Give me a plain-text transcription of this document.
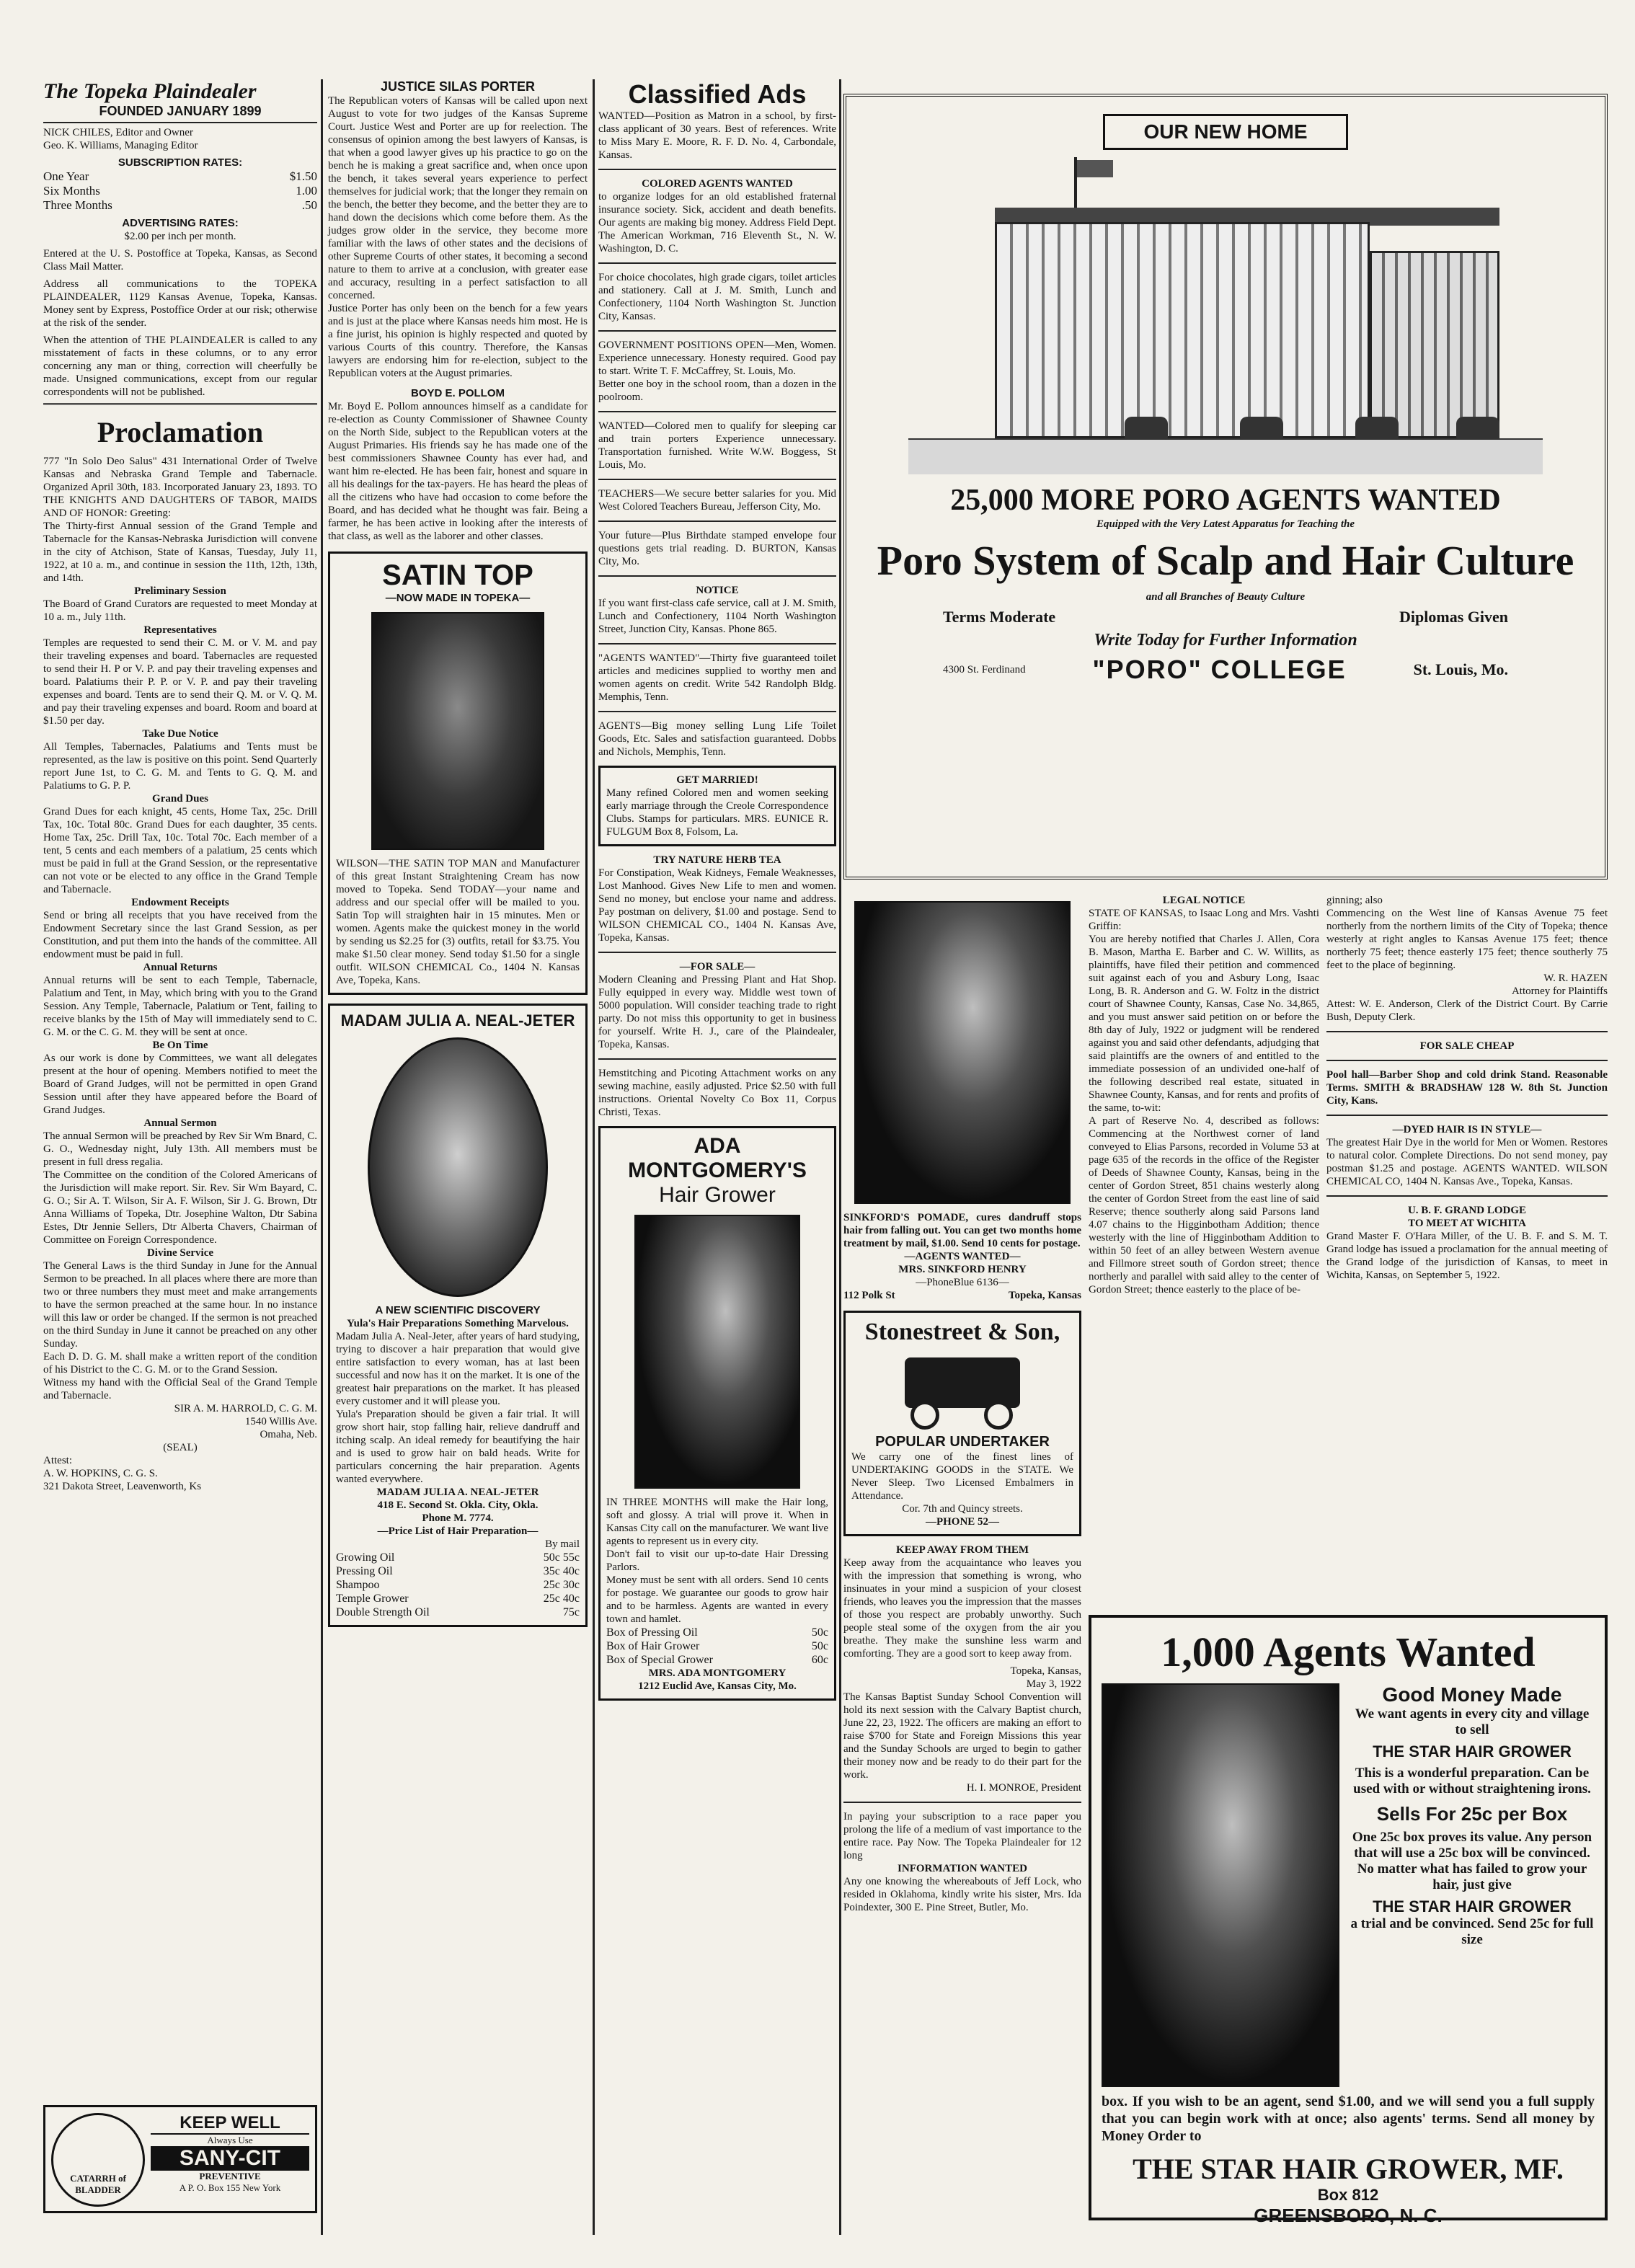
The Topeka Plaindealer
FOUNDED JANUARY 1899
NICK CHILES, Editor and Owner
Geo. K. Williams, Managing Editor
SUBSCRIPTION RATES:
One Year	$1.50
Six Months	1.00
Three Months	.50
ADVERTISING RATES:
$2.00 per inch per month.
Entered at the U. S. Postoffice at Topeka, Kansas, as Second Class Mail Matter.
Address all communications to the TOPEKA PLAINDEALER, 1129 Kansas Avenue, Topeka, Kansas. Money sent by Express, Postoffice Order at our risk; otherwise at the risk of the sender.
When the attention of THE PLAINDEALER is called to any misstatement of facts in these columns, or to any error concerning any man or thing, correction will cheerfully be made. Unsigned communications, except from our regular correspondents will not be published.
Proclamation

777 "In Solo Deo Salus" 431 International Order of Twelve Kansas and Nebraska Grand Temple and Tabernacle. Organized April 30th, 183. Incorporated January 23, 1893. TO THE KNIGHTS AND DAUGHTERS OF TABOR, MAIDS AND OF HONOR: Greeting:

The Thirty-first Annual session of the Grand Temple and Tabernacle for the Kansas-Nebraska Jurisdiction will convene in the city of Atchison, State of Kansas, Tuesday, July 11, 1922, at 10 a. m., and continue in session the 11th, 12th, 13th, and 14th.

Preliminary Session

The Board of Grand Curators are requested to meet Monday at 10 a. m., July 11th.

Representatives

Temples are requested to send their C. M. or V. M. and pay their traveling expenses and board. Tabernacles are requested to send their H. P or V. P. and pay their traveling expenses and board. Palatiums their P. P. or V. P. and pay their traveling expenses and board. Tents are to send their Q. M. or V. Q. M. and pay their traveling expenses and board. Room and board at $1.50 per day.

Take Due Notice

All Temples, Tabernacles, Palatiums and Tents must be represented, as the law is positive on this point. Send Quarterly report June 1st, to C. G. M. and Tents to G. Q. M. and Palatiums to G. P. P.

Grand Dues

Grand Dues for each knight, 45 cents, Home Tax, 25c. Drill Tax, 10c. Total 80c. Grand Dues for each daughter, 35 cents. Home Tax, 25c. Drill Tax, 10c. Total 70c. Each member of a tent, 5 cents and each members of a palatium, 25 cents which must be paid in full at the Grand Session, or the representative can not vote or be elected to any office in the Grand Temple and Tabernacle.

Endowment Receipts

Send or bring all receipts that you have received from the Endowment Secretary since the last Grand Session, as per Constitution, and put them into the hands of the committee. All endowment must be paid in full.

Annual Returns

Annual returns will be sent to each Temple, Tabernacle, Palatium and Tent, in May, which bring with you to the Grand Session. Any Temple, Tabernacle, Palatium or Tent, failing to receive blanks by the 15th of May will immediately send to C. G. M. or the C. G. M. they will be sent at once.

Be On Time

As our work is done by Committees, we want all delegates present at the hour of opening. Members notified to meet the Board of Grand Judges, will not be permitted in open Grand Session until after they have appeared before the Board of Grand Judges.

Annual Sermon

The annual Sermon will be preached by Rev Sir Wm Bnard, C. G. O., Wednesday night, July 13th. All members must be present in full dress regalia.

The Committee on the condition of the Colored Americans of the Jurisdiction will make report. Sir. Rev. Sir Wm Bayard, C. G. O.; Sir A. T. Wilson, Sir A. F. Wilson, Sir J. G. Brown, Dtr Anna Williams of Topeka, Dtr. Josephine Walton, Dtr Sabina Estes, Dtr Jennie Sellers, Dtr Alberta Chavers, Chairman of Committee on Foreign Correspondence.

Divine Service

The General Laws is the third Sunday in June for the Annual Sermon to be preached. In all places where there are more than two or three numbers they must meet and make arrangements to have the sermon preached at the same hour. In no instance will this law or order be changed. If the sermon is not preached on the third Sunday in June it cannot be preached on any other Sunday.

Each D. D. G. M. shall make a written report of the condition of his District to the C. G. M. or to the Grand Session.

Witness my hand with the Official Seal of the Grand Temple and Tabernacle.

SIR A. M. HARROLD, C. G. M.
1540 Willis Ave.
Omaha, Neb.
(SEAL)
Attest:
A. W. HOPKINS, C. G. S.
321 Dakota Street, Leavenworth, Ks
CATARRH of BLADDER
KEEP WELL
Always Use
SANY-CIT
PREVENTIVE
A P. O. Box 155 New York
JUSTICE SILAS PORTER

The Republican voters of Kansas will be called upon next August to vote for two judges of the Kansas Supreme Court. Justice West and Porter are up for reelection. The consensus of opinion among the best lawyers of Kansas, is that when a good lawyer gives up his practice to go on the bench he is making a great sacrifice and, when once upon the bench, it takes several years experience to perfect themselves for judicial work; that the longer they remain on the bench, the better they become, and the better they are to hand down the decisions which come before them. As the judges grow older in the service, they become more familiar with the laws of other states and the decisions of other Supreme Courts of other states, it becoming a second nature to them to arrive at a conclusion, with greater ease and accuracy, resulting in a perfect satisfaction to all concerned.

Justice Porter has only been on the bench for a few years and is just at the place where Kansas needs him most. He is a fine jurist, his opinion is highly respected and quoted by various Courts of this country. Therefore, the Kansas lawyers are endorsing him for re-election, subject to the Republican voters at the August primaries.

BOYD E. POLLOM

Mr. Boyd E. Pollom announces himself as a candidate for re-election as County Commissioner of Shawnee County on the North Side, subject to the Republican voters at the August Primaries. His friends say he has made one of the best commissioners Shawnee County has ever had, and want him re-elected. He has been fair, honest and square in all his dealings for the tax-payers. He has heard the pleas of all the citizens who have had occasion to come before the Board, and has decided what he thought was fair. Being a farmer, he has been active in looking after the interests of that class, as well as the laborer and other classes.

SATIN TOP
—NOW MADE IN TOPEKA—

WILSON—THE SATIN TOP MAN and Manufacturer of this great Instant Straightening Cream has now moved to Topeka. Send TODAY—your name and address and our special offer will be mailed to you. Satin Top will straighten hair in 15 minutes. Men or women. Agents make the quickest money in the world by sending us $2.25 for (3) outfits, retail for $3.75. You make $1.50 clear money. Send today $1.50 for a single outfit. WILSON CHEMICAL Co., 1404 N. Kansas Ave, Topeka, Kans.

MADAM JULIA A. NEAL-JETER
A NEW SCIENTIFIC DISCOVERY
Yula's Hair Preparations Something Marvelous.

Madam Julia A. Neal-Jeter, after years of hard studying, trying to discover a hair preparation that would give entire satisfaction to every woman, has at last been successful and now has it on the market. It is one of the greatest hair preparations on the market. It has pleased every customer and it will please you.

Yula's Preparation should be given a fair trial. It will grow short hair, stop falling hair, relieve dandruff and itching scalp. An ideal remedy for beautifying the hair and is used to grow hair on bald heads. Write for particulars concerning the hair preparation. Agents wanted everywhere.

MADAM JULIA A. NEAL-JETER
418 E. Second St. Okla. City, Okla.
Phone M. 7774.
—Price List of Hair Preparation—
By mail
Growing Oil	50c 55c
Pressing Oil	35c 40c
Shampoo	25c 30c
Temple Grower	25c 40c
Double Strength Oil	75c
Classified Ads

WANTED—Position as Matron in a school, by first-class applicant of 30 years. Best of references. Write to Miss Mary E. Moore, R. F. D. No. 4, Carbondale, Kansas.

COLORED AGENTS WANTED

to organize lodges for an old established fraternal insurance society. Sick, accident and death benefits. Our agents are making big money. Address Field Dept. The American Workman, 716 Eleventh St., N. W. Washington, D. C.

For choice chocolates, high grade cigars, toilet articles and stationery. Call at J. M. Smith, Lunch and Confectionery, 1104 North Washington St. Junction City, Kansas.

GOVERNMENT POSITIONS OPEN—Men, Women. Experience unnecessary. Honesty required. Good pay to start. Write T. F. McCaffrey, St. Louis, Mo.

Better one boy in the school room, than a dozen in the poolroom.

WANTED—Colored men to qualify for sleeping car and train porters Experience unnecessary. Transportation furnished. Write W.W. Boggess, St Louis, Mo.

TEACHERS—We secure better salaries for you. Mid West Colored Teachers Bureau, Jefferson City, Mo.

Your future—Plus Birthdate stamped envelope four questions gets trial reading. D. BURTON, Kansas City, Mo.

NOTICE

If you want first-class cafe service, call at J. M. Smith, Lunch and Confectionery, 1104 North Washington Street, Junction City, Kansas. Phone 865.

"AGENTS WANTED"—Thirty five guaranteed toilet articles and medicines supplied to worthy men and women agents on credit. Write 542 Randolph Bldg. Memphis, Tenn.

AGENTS—Big money selling Lung Life Toilet Goods, Etc. Sales and satisfaction guaranteed. Dobbs and Nichols, Memphis, Tenn.

GET MARRIED!

Many refined Colored men and women seeking early marriage through the Creole Correspondence Clubs. Stamps for particulars. MRS. EUNICE R. FULGUM Box 8, Folsom, La.

TRY NATURE HERB TEA

For Constipation, Weak Kidneys, Female Weaknesses, Lost Manhood. Gives New Life to men and women. Send no money, but enclose your name and address. Pay postman on delivery, $1.00 and postage. Send to WILSON CHEMICAL CO., 1404 N. Kansas Ave, Topeka, Kansas.

—FOR SALE—

Modern Cleaning and Pressing Plant and Hat Shop. Fully equipped in every way. Middle west town of 5000 population. Will consider teaching trade to right party. Do not miss this opportunity to get in business for yourself. Write H. J., care of the Plaindealer, Topeka, Kansas.

Hemstitching and Picoting Attachment works on any sewing machine, easily adjusted. Price $2.50 with full instructions. Oriental Novelty Co Box 11, Corpus Christi, Texas.

ADA MONTGOMERY'S
Hair Grower

IN THREE MONTHS will make the Hair long, soft and glossy. A trial will prove it. When in Kansas City call on the manufacturer. We want live agents to represent us in every city.

Don't fail to visit our up-to-date Hair Dressing Parlors.

Money must be sent with all orders. Send 10 cents for postage. We guarantee our goods to grow hair and to be harmless. Agents are wanted in every town and hamlet.

Box of Pressing Oil	50c
Box of Hair Grower	50c
Box of Special Grower	60c
MRS. ADA MONTGOMERY
1212 Euclid Ave, Kansas City, Mo.
OUR NEW HOME
25,000 MORE PORO AGENTS WANTED
Equipped with the Very Latest Apparatus for Teaching the
Poro System of Scalp and Hair Culture
and all Branches of Beauty Culture
Terms Moderate	Diplomas Given
Write Today for Further Information
4300 St. Ferdinand	"PORO" COLLEGE	St. Louis, Mo.

SINKFORD'S POMADE, cures dandruff stops hair from falling out. You can get two months home treatment by mail, $1.00. Send 10 cents for postage.

—AGENTS WANTED—
MRS. SINKFORD HENRY
—PhoneBlue 6136—
112 Polk St	Topeka, Kansas
Stonestreet & Son,
POPULAR UNDERTAKER

We carry one of the finest lines of UNDERTAKING GOODS in the STATE. We Never Sleep. Two Licensed Embalmers in Attendance.

Cor. 7th and Quincy streets.
—PHONE 52—
KEEP AWAY FROM THEM

Keep away from the acquaintance who leaves you with the impression that something is wrong, who insinuates in your mind a suspicion of your closest friends, who leaves you the impression that the masses of those you respect are probably unworthy. Such people steal some of the oxygen from the air you breathe. They make the sunshine less warm and comforting. They are a good sort to keep away from.

Topeka, Kansas,
May 3, 1922

The Kansas Baptist Sunday School Convention will hold its next session with the Calvary Baptist church, June 22, 23, 1922. The officers are making an effort to raise $700 for State and Foreign Missions this year and the Sunday Schools are urged to begin to gather their money now and be ready to do their part for the work.

H. I. MONROE, President

In paying your subscription to a race paper you prolong the life of a medium of vast importance to the entire race. Pay Now. The Topeka Plaindealer for 12 long

INFORMATION WANTED

Any one knowing the whereabouts of Jeff Lock, who resided in Oklahoma, kindly write his sister, Mrs. Ida Poindexter, 300 E. Pine Street, Butler, Mo.

LEGAL NOTICE

STATE OF KANSAS, to Isaac Long and Mrs. Vashti Griffin:

You are hereby notified that Charles J. Allen, Cora B. Mason, Martha E. Barber and C. W. Willits, as plaintiffs, have filed their petition and commenced suit against each of you and Asbury Long, Isaac Long, B. R. Anderson and G. W. Foltz in the district court of Shawnee County, Kansas, Case No. 34,865, and you must answer said petition on or before the 8th day of July, 1922 or judgment will be rendered against you and said other defendants, adjudging that said plaintiffs are the owners of and entitled to the immediate possession of an undivided one-half of the following described real estate, situated in Shawnee County, Kansas, and for rents and profits of the same, to-wit:

A part of Reserve No. 4, described as follows: Commencing at the Northwest corner of land conveyed to Elias Parsons, recorded in Volume 53 at page 635 of the records in the office of the Register of Deeds of Shawnee County, Kansas, being in the center of Gordon Street, 851 chains westerly along the center of Gordon Street from the east line of said Reserve; thence southerly along said Parsons land 4.07 chains to the Higginbotham Addition; thence westerly with the line of Higginbotham Addition to within 50 feet of an alley between Western avenue and Fillmore street south of Gordon street; thence northerly and parallel with said alley to the center of Gordon Street; thence easterly to the place of be-

ginning; also

Commencing on the West line of Kansas Avenue 75 feet northerly from the northern limits of the City of Topeka; thence westerly at right angles to Kansas Avenue 175 feet; thence northerly 75 feet; thence easterly 175 feet; thence southerly 75 feet to the place of beginning.

W. R. HAZEN
Attorney for Plaintiffs

Attest: W. E. Anderson, Clerk of the District Court. By Carrie Bush, Deputy Clerk.

FOR SALE CHEAP

Pool hall—Barber Shop and cold drink Stand. Reasonable Terms. SMITH & BRADSHAW 128 W. 8th St. Junction City, Kans.

—DYED HAIR IS IN STYLE—

The greatest Hair Dye in the world for Men or Women. Restores to natural color. Complete Directions. Do not send money, pay postman $1.25 and postage. AGENTS WANTED. WILSON CHEMICAL CO, 1404 N. Kansas Ave., Topeka, Kansas.

U. B. F. GRAND LODGE
TO MEET AT WICHITA

Grand Master F. O'Hara Miller, of the U. B. F. and S. M. T. Grand lodge has issued a proclamation for the annual meeting of the Grand lodge of the jurisdiction of Kansas, to meet in Wichita, Kansas, on September 5, 1922.

1,000 Agents Wanted
Good Money Made
We want agents in every city and village to sell
THE STAR HAIR GROWER
This is a wonderful preparation. Can be used with or without straightening irons.
Sells For 25c per Box
One 25c box proves its value. Any person that will use a 25c box will be convinced. No matter what has failed to grow your hair, just give
THE STAR HAIR GROWER
a trial and be convinced. Send 25c for full size

box. If you wish to be an agent, send $1.00, and we will send you a full supply that you can begin work with at once; also agents' terms. Send all money by Money Order to

THE STAR HAIR GROWER, MF.
Box 812
GREENSBORO, N. C.
